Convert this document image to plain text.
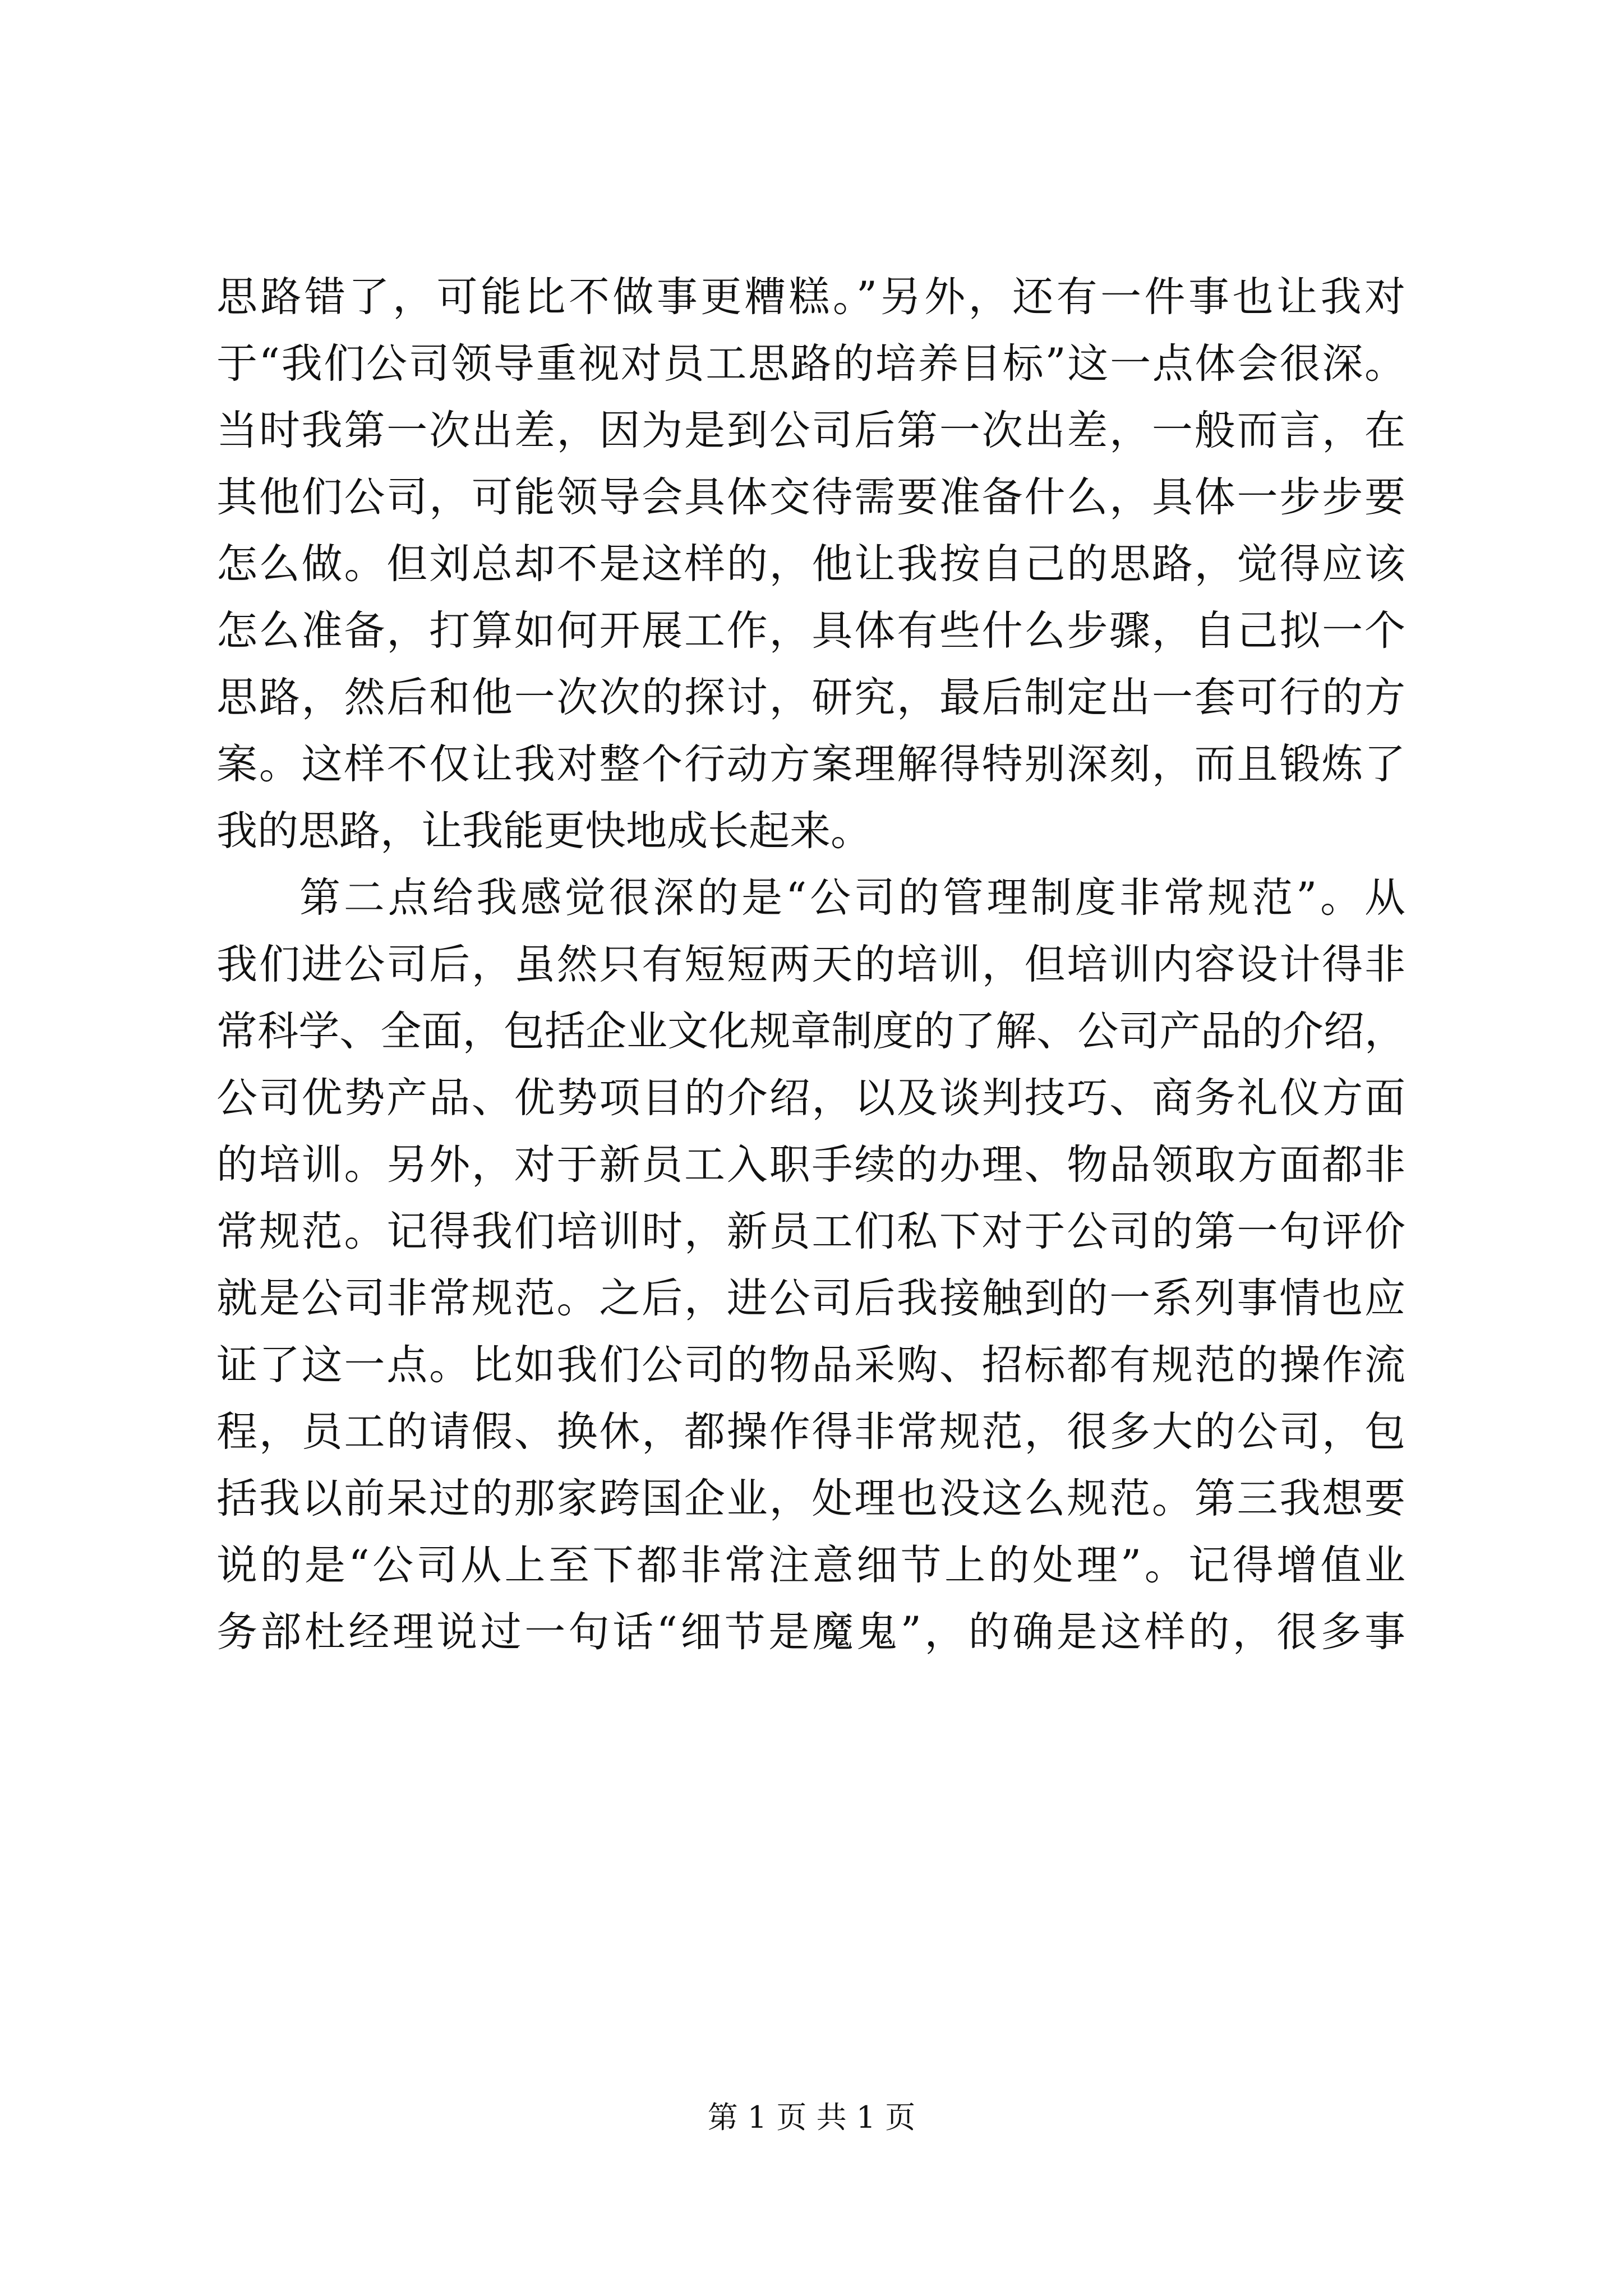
思路错了，可能比不做事更糟糕。”另外，还有一件事也让我对
于“我们公司领导重视对员工思路的培养目标”这一点体会很深。
当时我第一次出差，因为是到公司后第一次出差，一般而言，在
其他们公司，可能领导会具体交待需要准备什么，具体一步步要
怎么做。但刘总却不是这样的，他让我按自己的思路，觉得应该
怎么准备，打算如何开展工作，具体有些什么步骤，自己拟一个
思路，然后和他一次次的探讨，研究，最后制定出一套可行的方
案。这样不仅让我对整个行动方案理解得特别深刻，而且锻炼了
我的思路，让我能更快地成长起来。
第二点给我感觉很深的是“公司的管理制度非常规范”。从
我们进公司后，虽然只有短短两天的培训，但培训内容设计得非
常科学、全面，包括企业文化规章制度的了解、公司产品的介绍，
公司优势产品、优势项目的介绍，以及谈判技巧、商务礼仪方面
的培训。另外，对于新员工入职手续的办理、物品领取方面都非
常规范。记得我们培训时，新员工们私下对于公司的第一句评价
就是公司非常规范。之后，进公司后我接触到的一系列事情也应
证了这一点。比如我们公司的物品采购、招标都有规范的操作流
程，员工的请假、换休，都操作得非常规范，很多大的公司，包
括我以前呆过的那家跨国企业，处理也没这么规范。第三我想要
说的是“公司从上至下都非常注意细节上的处理”。记得增值业
务部杜经理说过一句话“细节是魔鬼”，的确是这样的，很多事
第 1 页 共 1 页
